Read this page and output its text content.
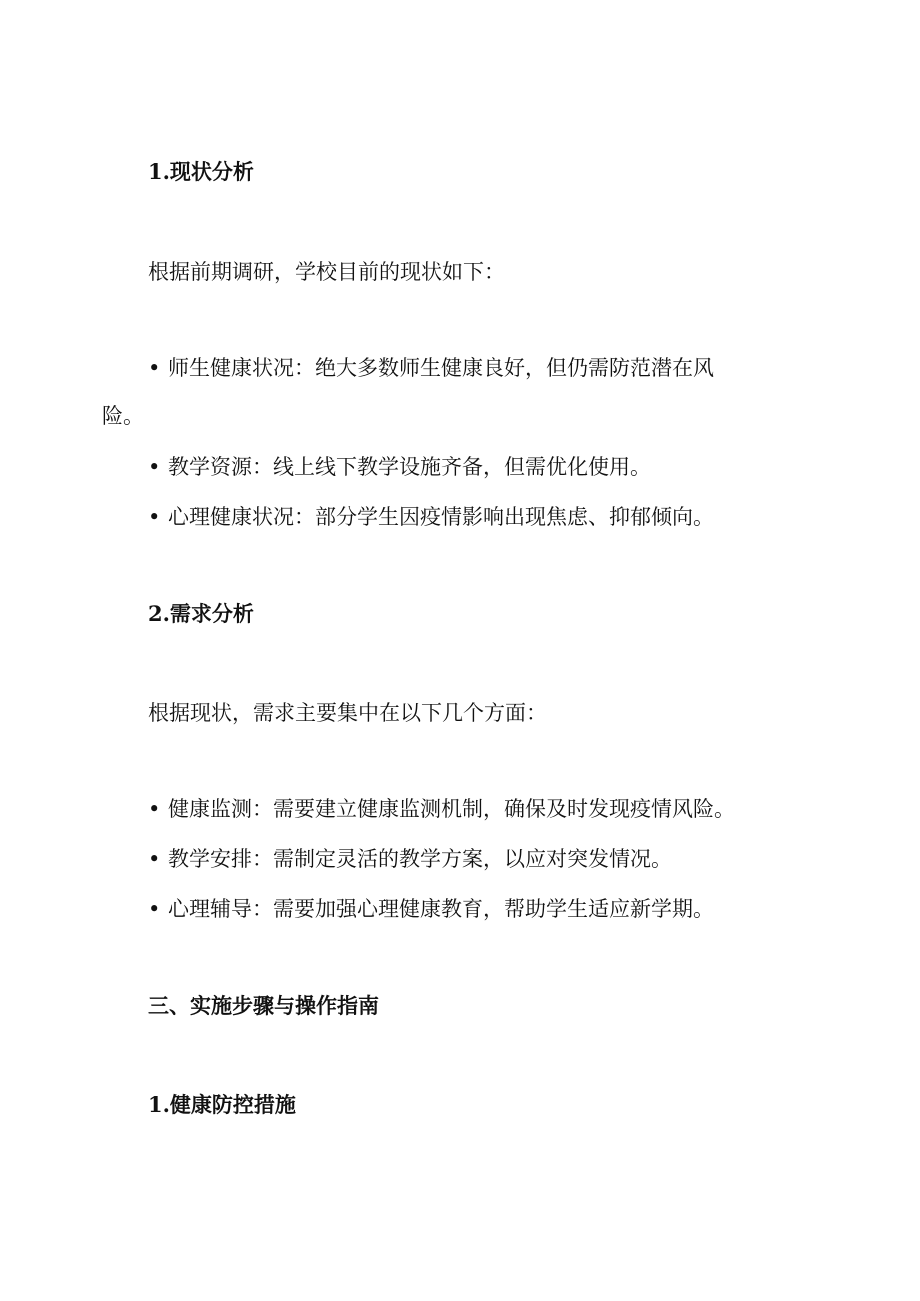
1.现状分析
根据前期调研，学校目前的现状如下：
•师生健康状况：绝大多数师生健康良好，但仍需防范潜在风
险。
•教学资源：线上线下教学设施齐备，但需优化使用。
•心理健康状况：部分学生因疫情影响出现焦虑、抑郁倾向。
2.需求分析
根据现状，需求主要集中在以下几个方面：
•健康监测：需要建立健康监测机制，确保及时发现疫情风险。
•教学安排：需制定灵活的教学方案，以应对突发情况。
•心理辅导：需要加强心理健康教育，帮助学生适应新学期。
三、实施步骤与操作指南
1.健康防控措施
